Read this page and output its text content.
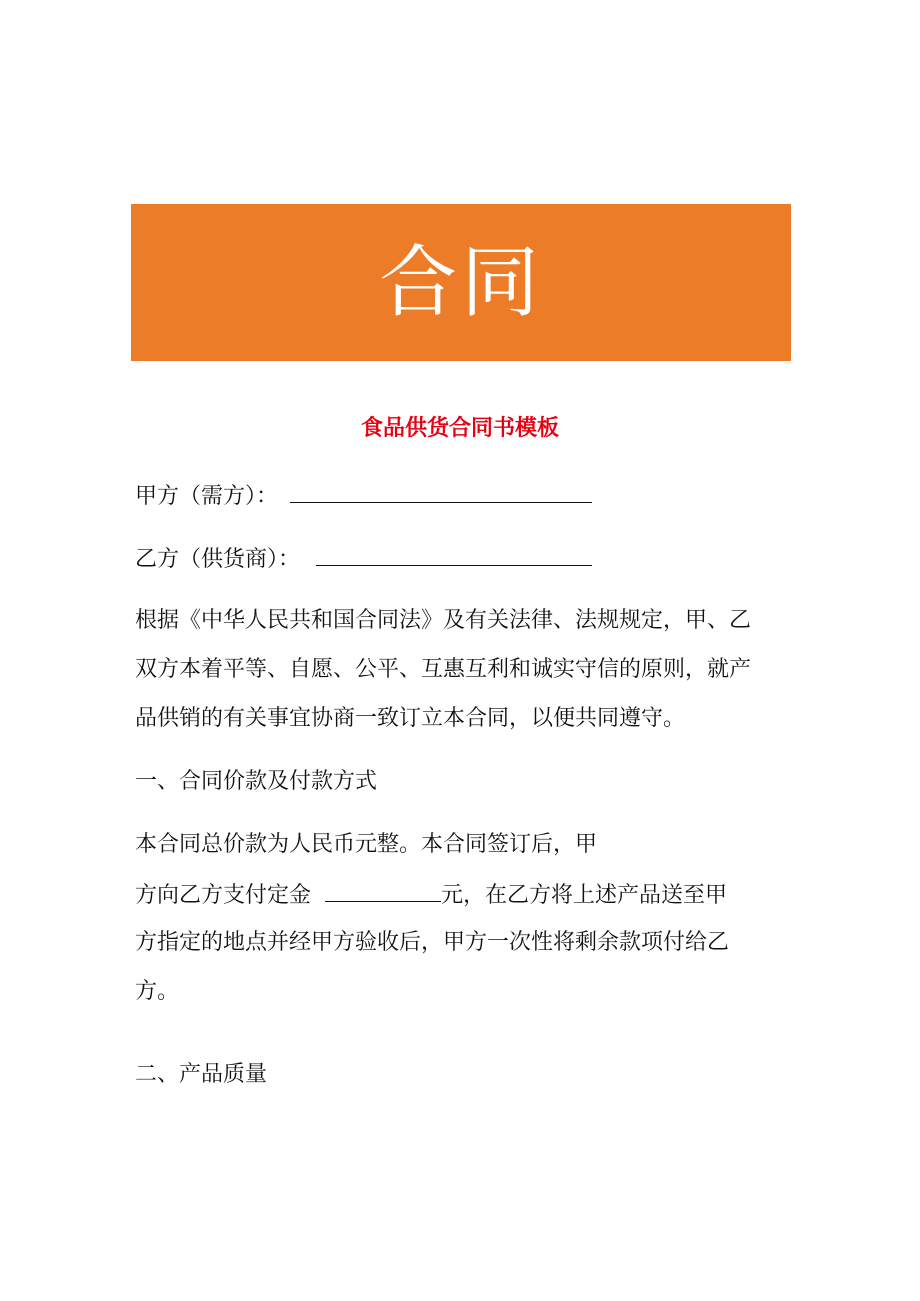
合同
食品供货合同书模板
甲方（需方）：
乙方（供货商）：
根据《中华人民共和国合同法》及有关法律、法规规定，甲、乙
双方本着平等、自愿、公平、互惠互利和诚实守信的原则，就产
品供销的有关事宜协商一致订立本合同，以便共同遵守。
一、合同价款及付款方式
本合同总价款为人民币元整。本合同签订后，甲
方向乙方支付定金	元，在乙方将上述产品送至甲
方指定的地点并经甲方验收后，甲方一次性将剩余款项付给乙
方。
二、产品质量
